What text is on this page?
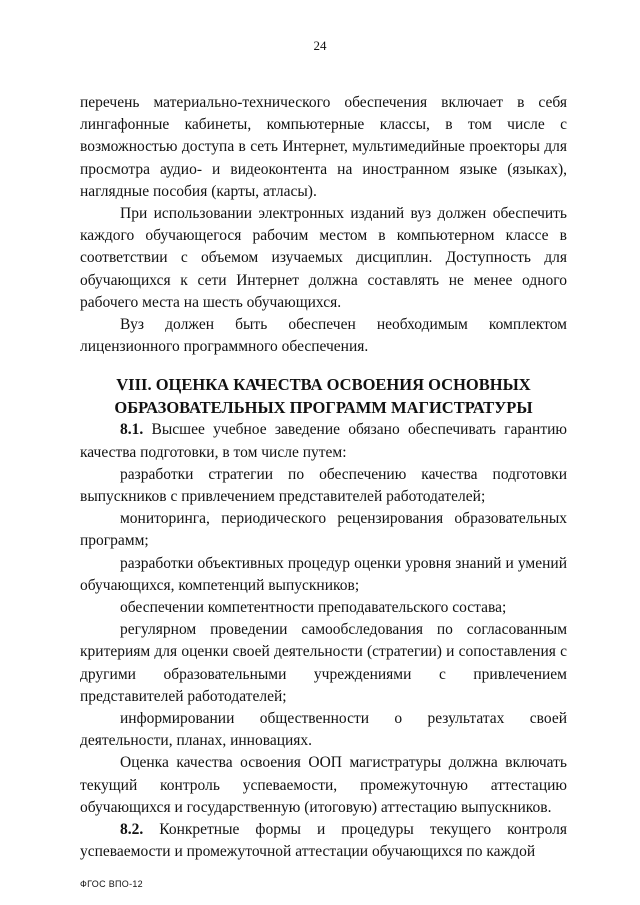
24

перечень материально-технического обеспечения включает в себя лингафонные кабинеты, компьютерные классы, в том числе с возможностью доступа в сеть Интернет, мультимедийные проекторы для просмотра аудио- и видеоконтента на иностранном языке (языках), наглядные пособия (карты, атласы).

При использовании электронных изданий вуз должен обеспечить каждого обучающегося рабочим местом в компьютерном классе в соответствии с объемом изучаемых дисциплин. Доступность для обучающихся к сети Интернет должна составлять не менее одного рабочего места на шесть обучающихся.

Вуз должен быть обеспечен необходимым комплектом лицензионного программного обеспечения.

VIII. ОЦЕНКА КАЧЕСТВА ОСВОЕНИЯ ОСНОВНЫХ
ОБРАЗОВАТЕЛЬНЫХ ПРОГРАММ МАГИСТРАТУРЫ

8.1. Высшее учебное заведение обязано обеспечивать гарантию качества подготовки, в том числе путем:

разработки стратегии по обеспечению качества подготовки выпускников с привлечением представителей работодателей;

мониторинга, периодического рецензирования образовательных программ;

разработки объективных процедур оценки уровня знаний и умений обучающихся, компетенций выпускников;

обеспечении компетентности преподавательского состава;

регулярном проведении самообследования по согласованным критериям для оценки своей деятельности (стратегии) и сопоставления с другими образовательными учреждениями с привлечением представителей работодателей;

информировании общественности о результатах своей деятельности, планах, инновациях.

Оценка качества освоения ООП магистратуры должна включать текущий контроль успеваемости, промежуточную аттестацию обучающихся и государственную (итоговую) аттестацию выпускников.

8.2. Конкретные формы и процедуры текущего контроля успеваемости и промежуточной аттестации обучающихся по каждой

ФГОС ВПО-12
